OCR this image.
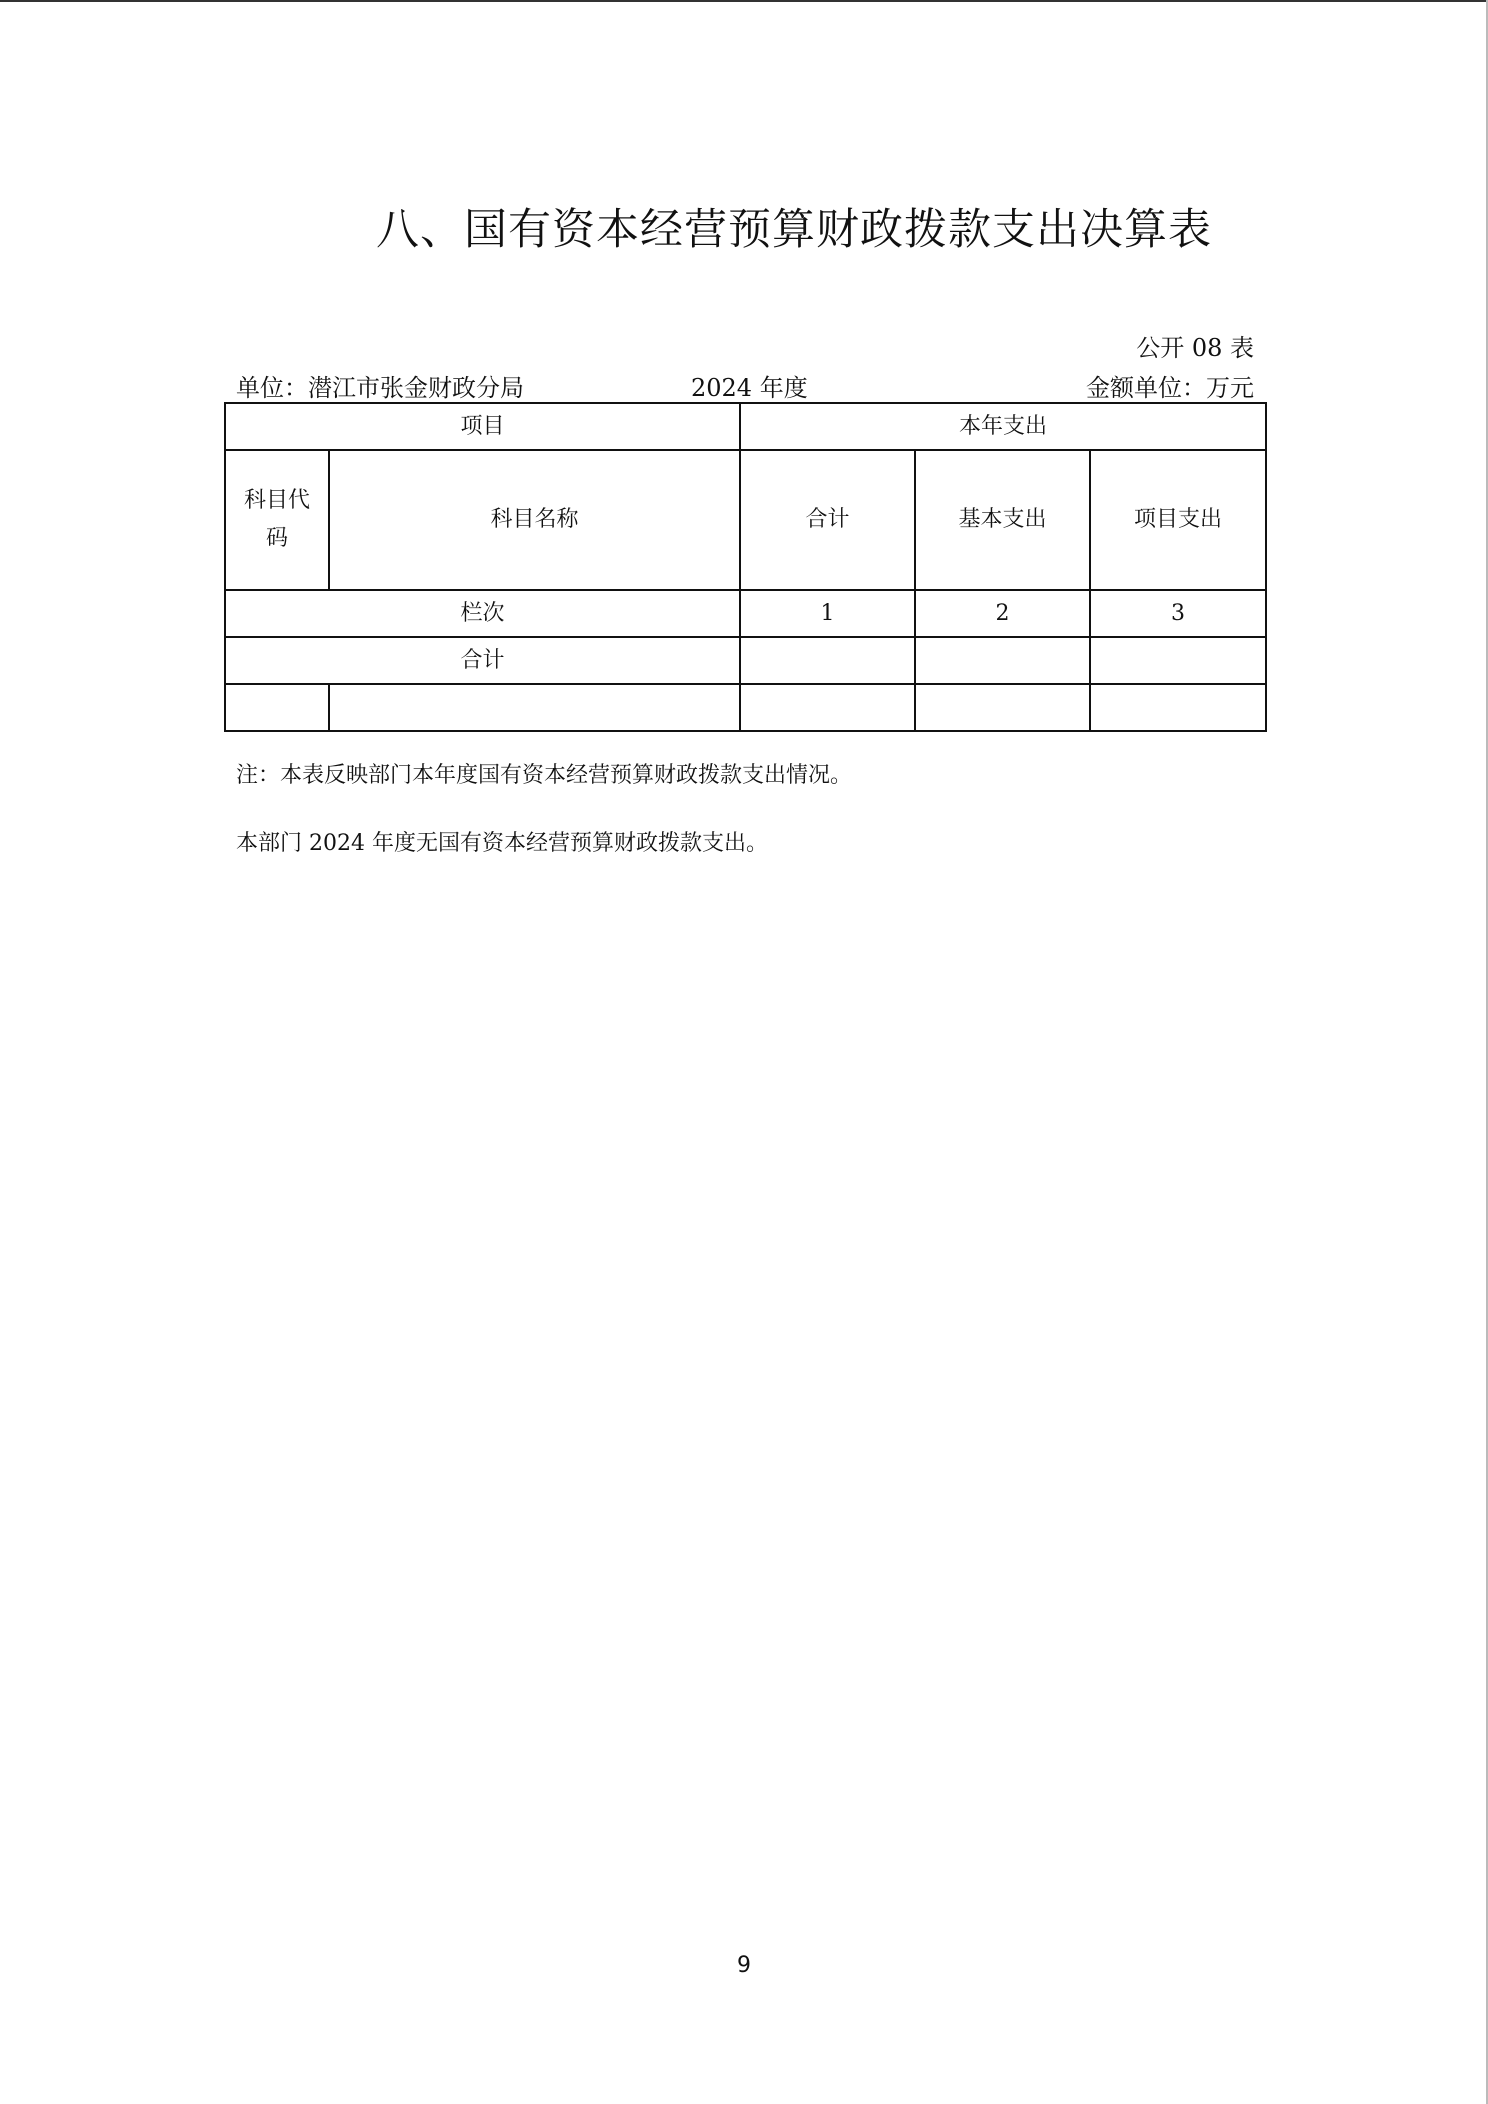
八、国有资本经营预算财政拨款支出决算表
公开 08 表
单位：潜江市张金财政分局	2024 年度	金额单位：万元
项目		本年支出		

科目代码	科目名称	合计	基本支出	项目支出
栏次		1	2	3
合计				

注：本表反映部门本年度国有资本经营预算财政拨款支出情况。
本部门 2024 年度无国有资本经营预算财政拨款支出。
9
